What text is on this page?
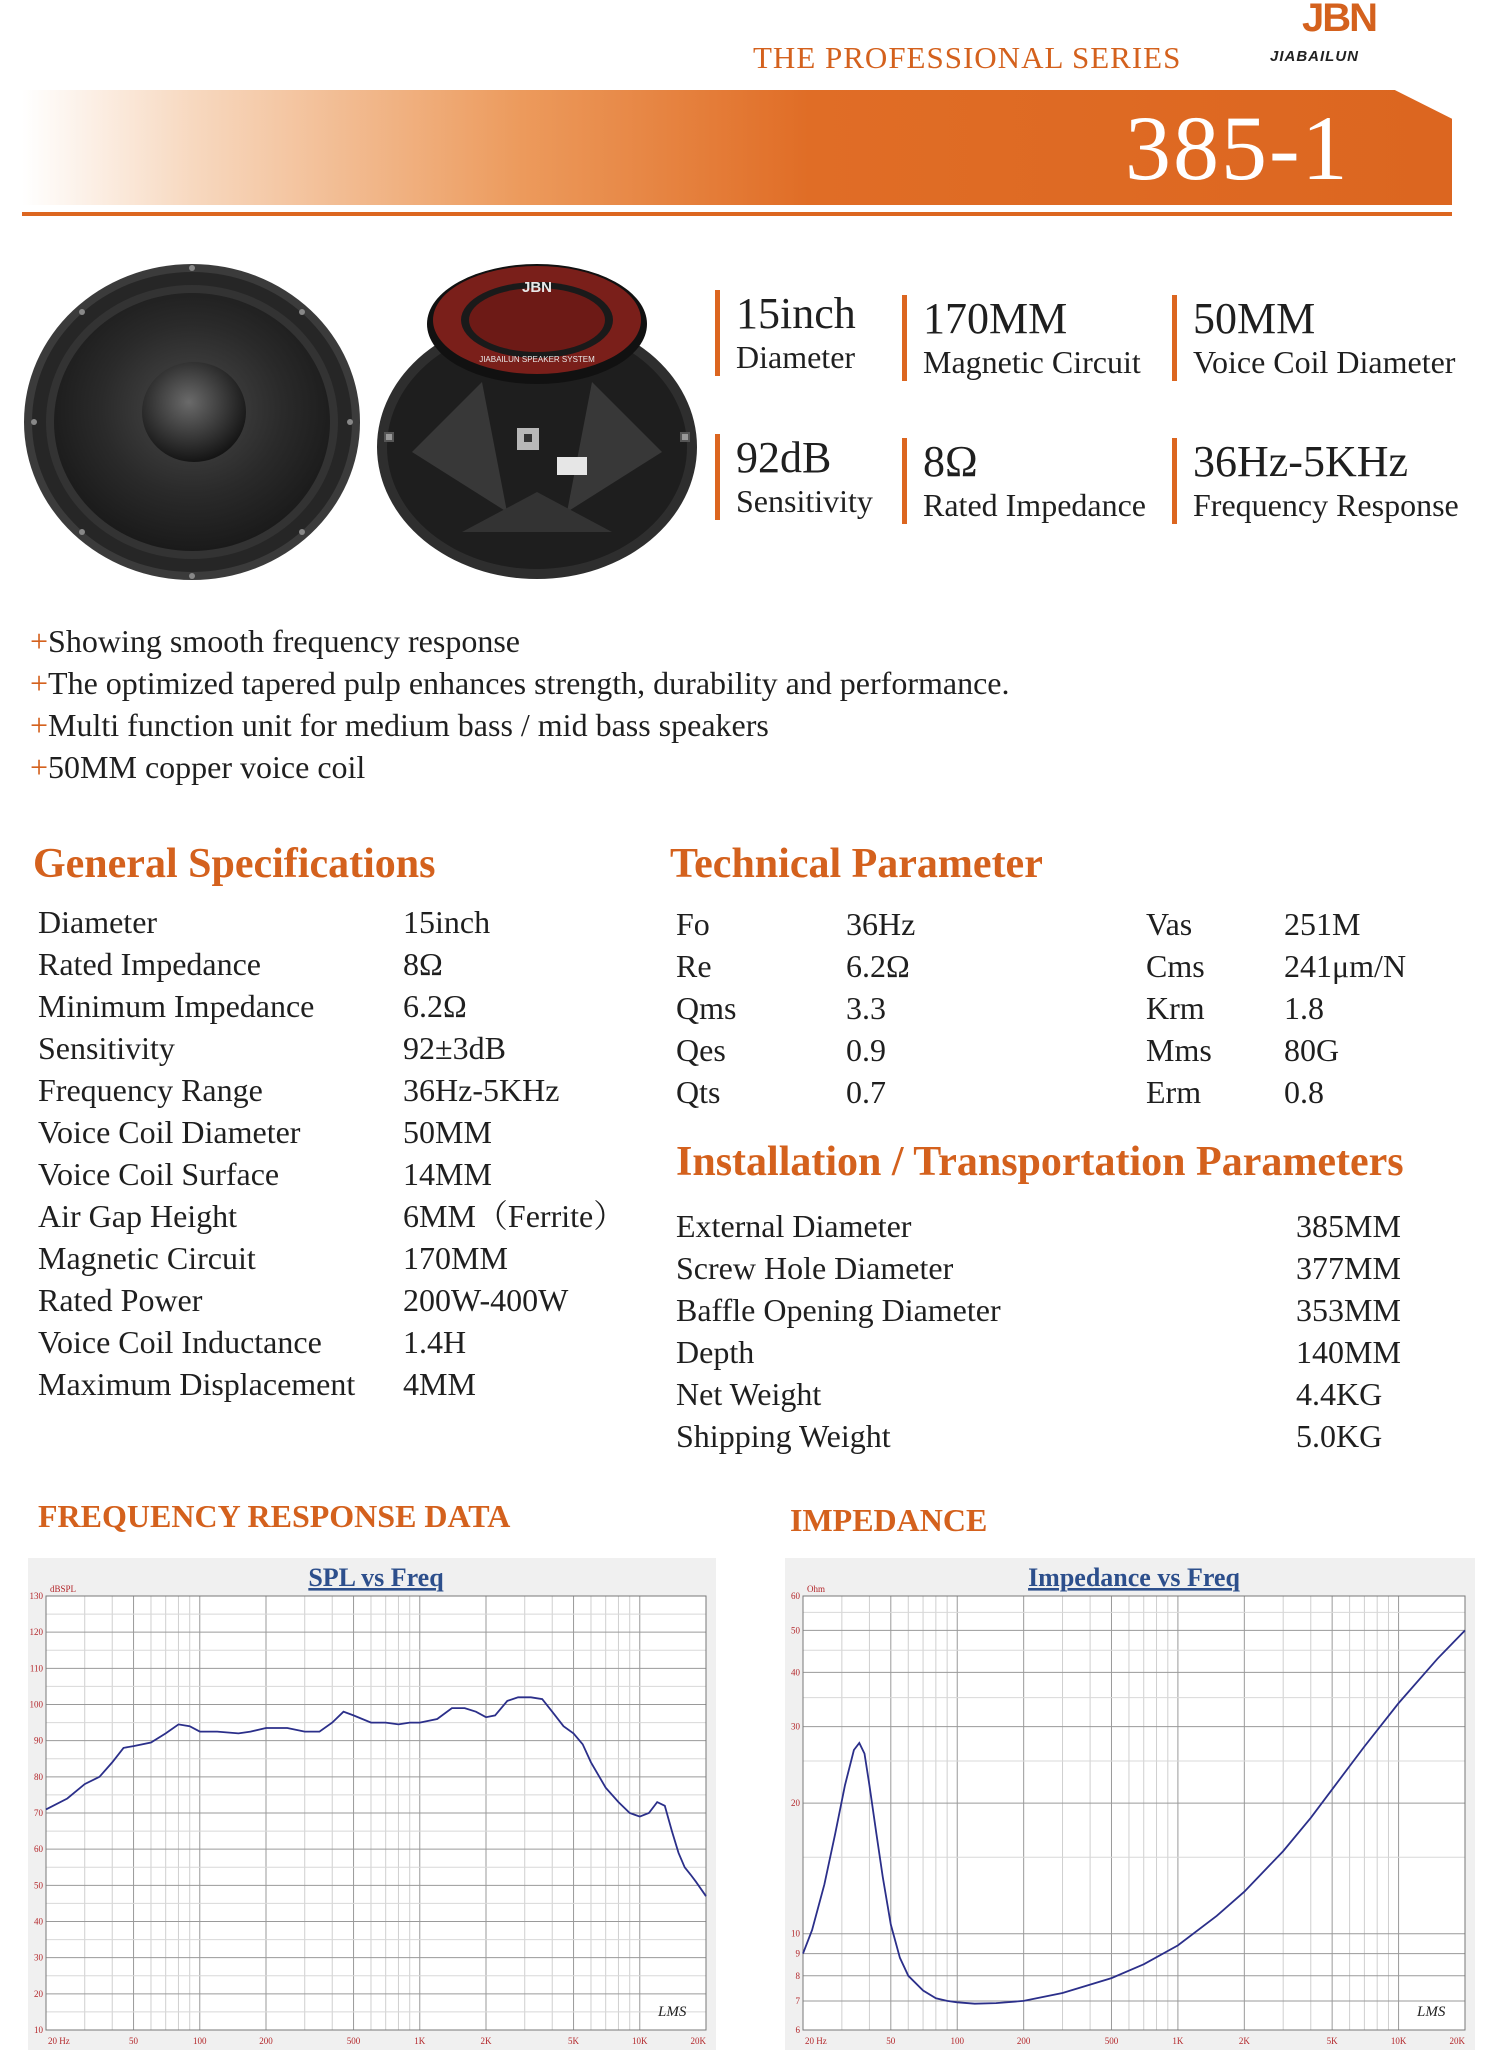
THE PROFESSIONAL SERIES
JBN
JIABAILUN
385-1
JBN
JIABAILUN SPEAKER SYSTEM
15inch
Diameter
170MM
Magnetic Circuit
50MM
Voice Coil Diameter
92dB
Sensitivity
8Ω
Rated Impedance
36Hz-5KHz
Frequency Response
+Showing smooth frequency response
+The optimized tapered pulp enhances strength, durability and performance.
+Multi function unit for medium bass / mid bass speakers
+50MM copper voice coil
General Specifications
Diameter	15inch
Rated Impedance	8Ω
Minimum Impedance	6.2Ω
Sensitivity	92±3dB
Frequency Range	36Hz-5KHz
Voice Coil Diameter	50MM
Voice Coil Surface	14MM
Air Gap Height	6MM（Ferrite）
Magnetic Circuit	170MM
Rated Power	200W-400W
Voice Coil Inductance	1.4H
Maximum Displacement 4MM
Technical Parameter
Fo	36Hz	Vas	251M
Re	6.2Ω	Cms 241μm/N
Qms	3.3	Krm 1.8
Qes	0.9	Mms 80G
Qts	0.7	Erm	0.8
Installation / Transportation Parameters
External Diameter	385MM
Screw Hole Diameter	377MM
Baffle Opening Diameter	353MM
Depth	140MM
Net Weight	4.4KG
Shipping Weight	5.0KG
FREQUENCY RESPONSE DATA	IMPEDANCE
SPL vs Freq
dBSPL
10
20
30
40
50
60
70
80
90
100
110
120
130
20 Hz	50	100	200	500	1K	2K	5K	10K	20K
LMS
Impedance vs Freq
Ohm
6
7
8
9
10
20
30
40
50
60
20 Hz	50	100	200	500	1K	2K	5K	10K	20K
LMS
